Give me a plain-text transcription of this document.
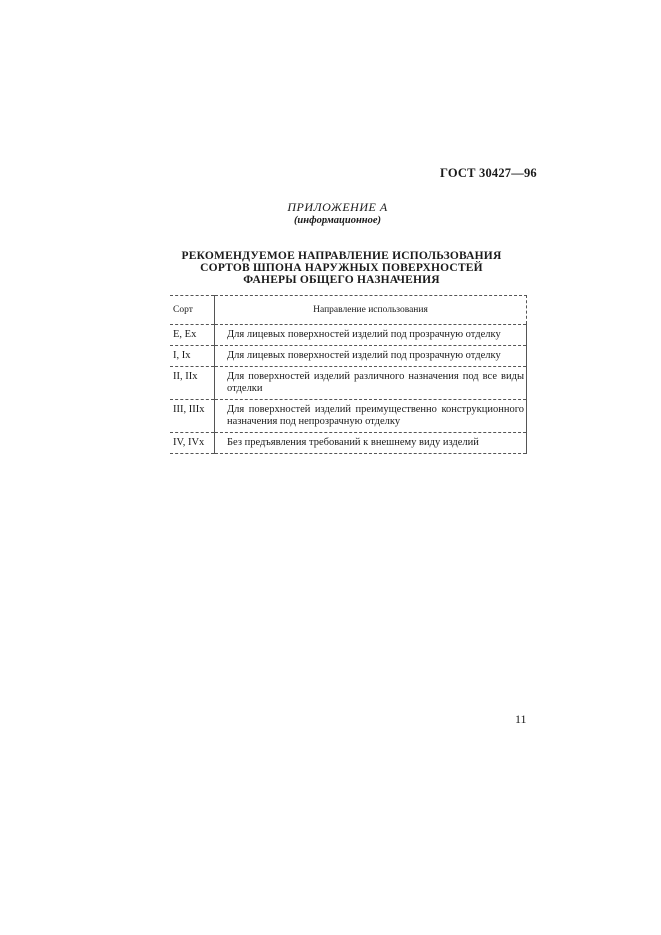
ГОСТ 30427—96
ПРИЛОЖЕНИЕ А
(информационное)
РЕКОМЕНДУЕМОЕ НАПРАВЛЕНИЕ ИСПОЛЬЗОВАНИЯ
СОРТОВ ШПОНА НАРУЖНЫХ ПОВЕРХНОСТЕЙ
ФАНЕРЫ ОБЩЕГО НАЗНАЧЕНИЯ
Сорт	Направление использования
Е, Ех	Для лицевых поверхностей изделий под прозрачную отделку
I, Iх	Для лицевых поверхностей изделий под прозрачную отделку
II, IIх	Для поверхностей изделий различного назначения под все виды отделки
III, IIIх	Для поверхностей изделий преимущественно конструкционного назначения под непрозрачную отделку
IV, IVх	Без предъявления требований к внешнему виду изделий
11
